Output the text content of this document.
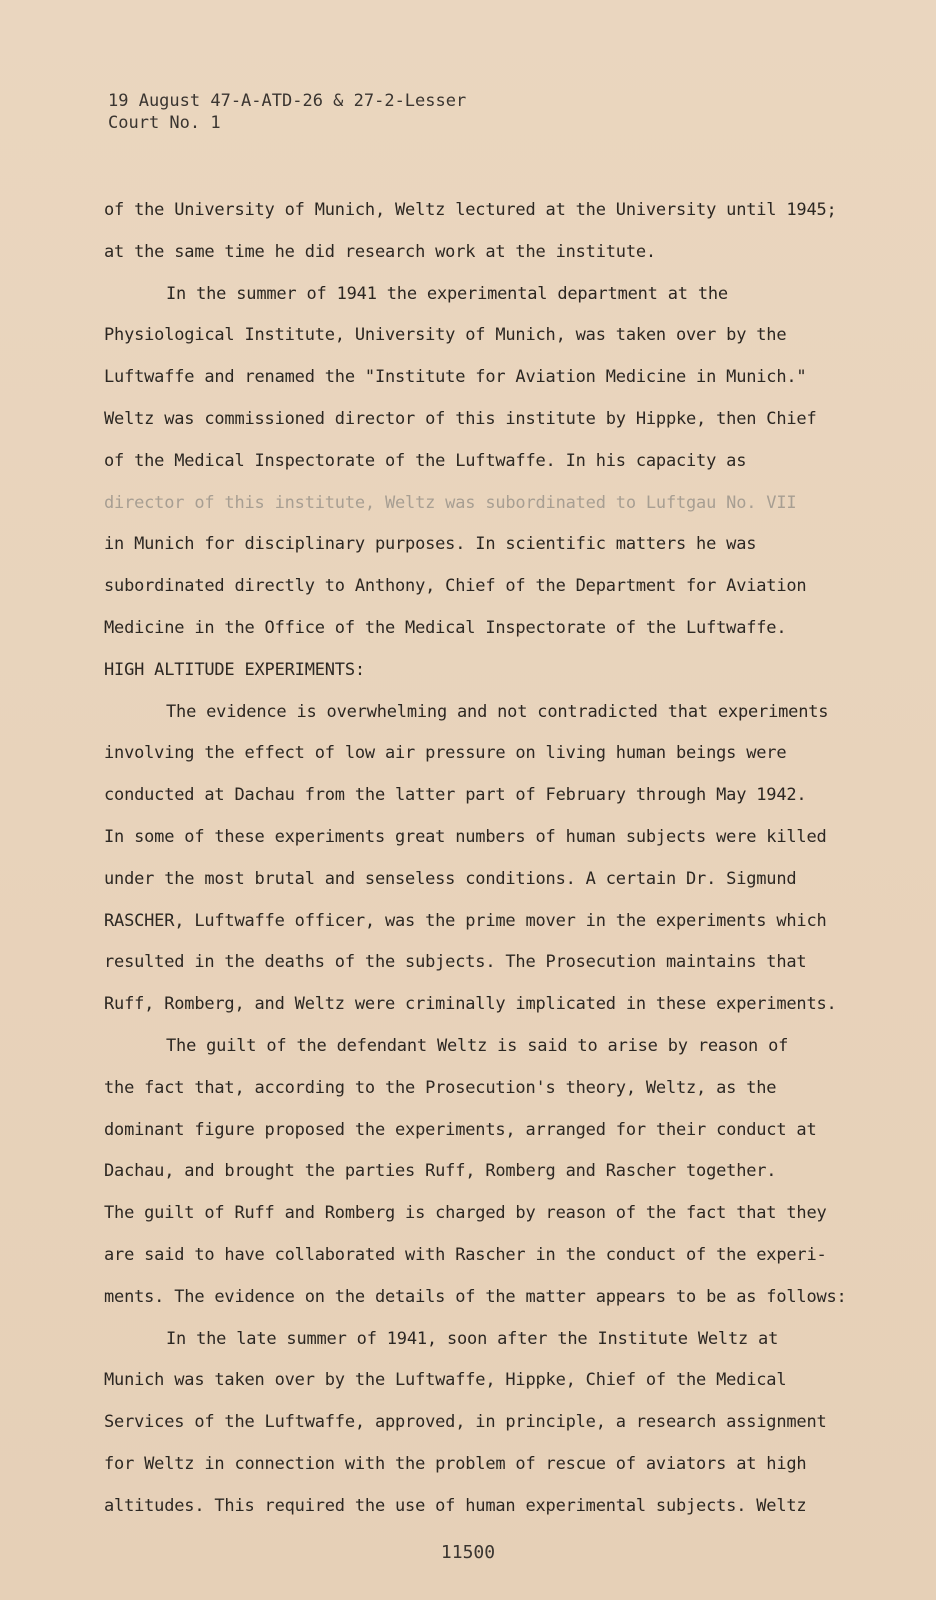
19 August 47-A-ATD-26 & 27-2-Lesser
Court No. 1
of the University of Munich, Weltz lectured at the University until 1945;
at the same time he did research work at the institute.
In the summer of 1941 the experimental department at the
Physiological Institute, University of Munich, was taken over by the
Luftwaffe and renamed the "Institute for Aviation Medicine in Munich."
Weltz was commissioned director of this institute by Hippke, then Chief
of the Medical Inspectorate of the Luftwaffe. In his capacity as
director of this institute, Weltz was subordinated to Luftgau No. VII
in Munich for disciplinary purposes. In scientific matters he was
subordinated directly to Anthony, Chief of the Department for Aviation
Medicine in the Office of the Medical Inspectorate of the Luftwaffe.
HIGH ALTITUDE EXPERIMENTS:
The evidence is overwhelming and not contradicted that experiments
involving the effect of low air pressure on living human beings were
conducted at Dachau from the latter part of February through May 1942.
In some of these experiments great numbers of human subjects were killed
under the most brutal and senseless conditions. A certain Dr. Sigmund
RASCHER, Luftwaffe officer, was the prime mover in the experiments which
resulted in the deaths of the subjects. The Prosecution maintains that
Ruff, Romberg, and Weltz were criminally implicated in these experiments.
The guilt of the defendant Weltz is said to arise by reason of
the fact that, according to the Prosecution's theory, Weltz, as the
dominant figure proposed the experiments, arranged for their conduct at
Dachau, and brought the parties Ruff, Romberg and Rascher together.
The guilt of Ruff and Romberg is charged by reason of the fact that they
are said to have collaborated with Rascher in the conduct of the experi-
ments. The evidence on the details of the matter appears to be as follows:
In the late summer of 1941, soon after the Institute Weltz at
Munich was taken over by the Luftwaffe, Hippke, Chief of the Medical
Services of the Luftwaffe, approved, in principle, a research assignment
for Weltz in connection with the problem of rescue of aviators at high
altitudes. This required the use of human experimental subjects. Weltz
11500
